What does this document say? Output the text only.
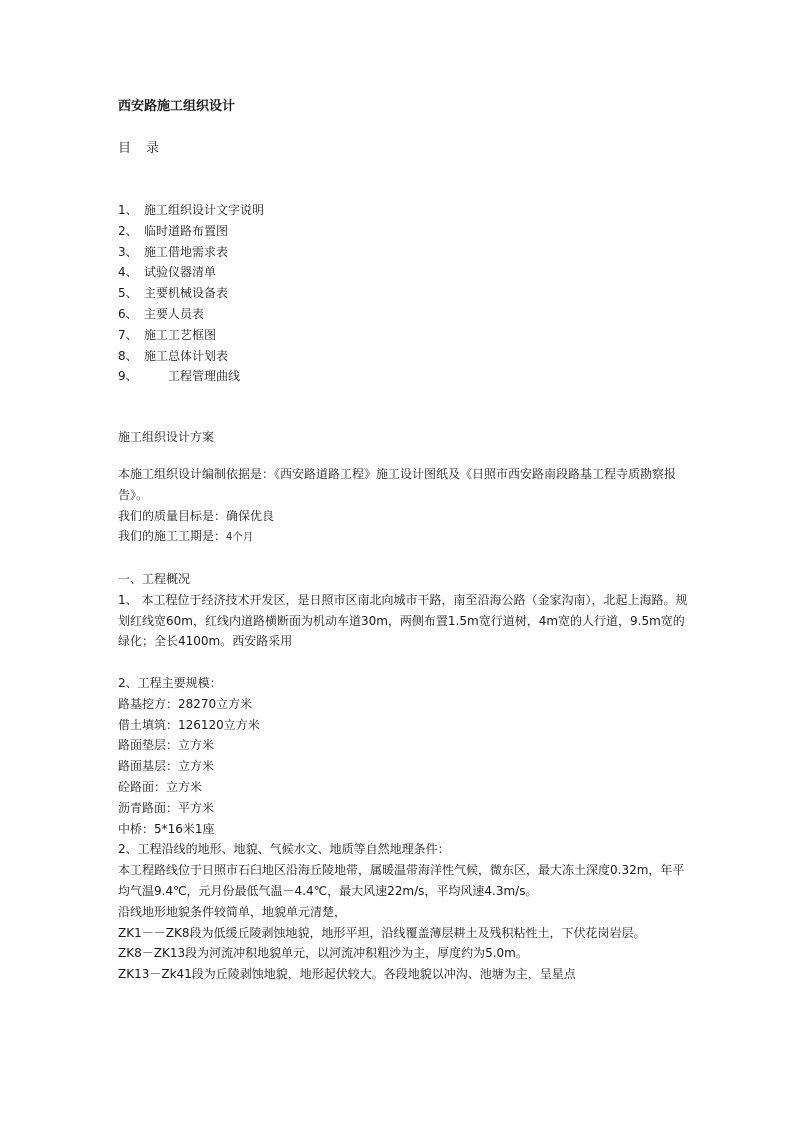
西安路施工组织设计
目 录
1、 施工组织设计文字说明
2、 临时道路布置图
3、 施工借地需求表
4、 试验仪器清单
5、 主要机械设备表
6、 主要人员表
7、 施工工艺框图
8、 施工总体计划表
9、	工程管理曲线
施工组织设计方案

本施工组织设计编制依据是：《西安路道路工程》施工设计图纸及《日照市西安路南段路基工程寺质勘察报告》。

我们的质量目标是：确保优良

我们的施工工期是：4个月

一、工程概况

1、 本工程位于经济技术开发区，是日照市区南北向城市干路，南至沿海公路（金家沟南），北起上海路。规划红线宽60m，红线内道路横断面为机动车道30m，两侧布置1.5m宽行道树，4m宽的人行道，9.5m宽的绿化；全长4100m。西安路采用

2、工程主要规模：

路基挖方：28270立方米

借土填筑：126120立方米

路面垫层：立方米

路面基层：立方米

砼路面：立方米

沥青路面：平方米

中桥：5*16米1座

2、工程沿线的地形、地貌、气候水文、地质等自然地理条件：

本工程路线位于日照市石臼地区沿海丘陵地带，属暖温带海洋性气候，微东区，最大冻土深度0.32m，年平均气温9.4℃，元月份最低气温－4.4℃，最大风速22m/s，平均风速4.3m/s。

沿线地形地貌条件较简单，地貌单元清楚，

ZK1－－ZK8段为低缓丘陵剥蚀地貌，地形平坦，沿线覆盖薄层耕土及残积粘性土，下伏花岗岩层。

ZK8－ZK13段为河流冲积地貌单元，以河流冲积粗沙为主，厚度约为5.0m。

ZK13－Zk41段为丘陵剥蚀地貌，地形起伏较大。各段地貌以冲沟、池塘为主，呈星点
